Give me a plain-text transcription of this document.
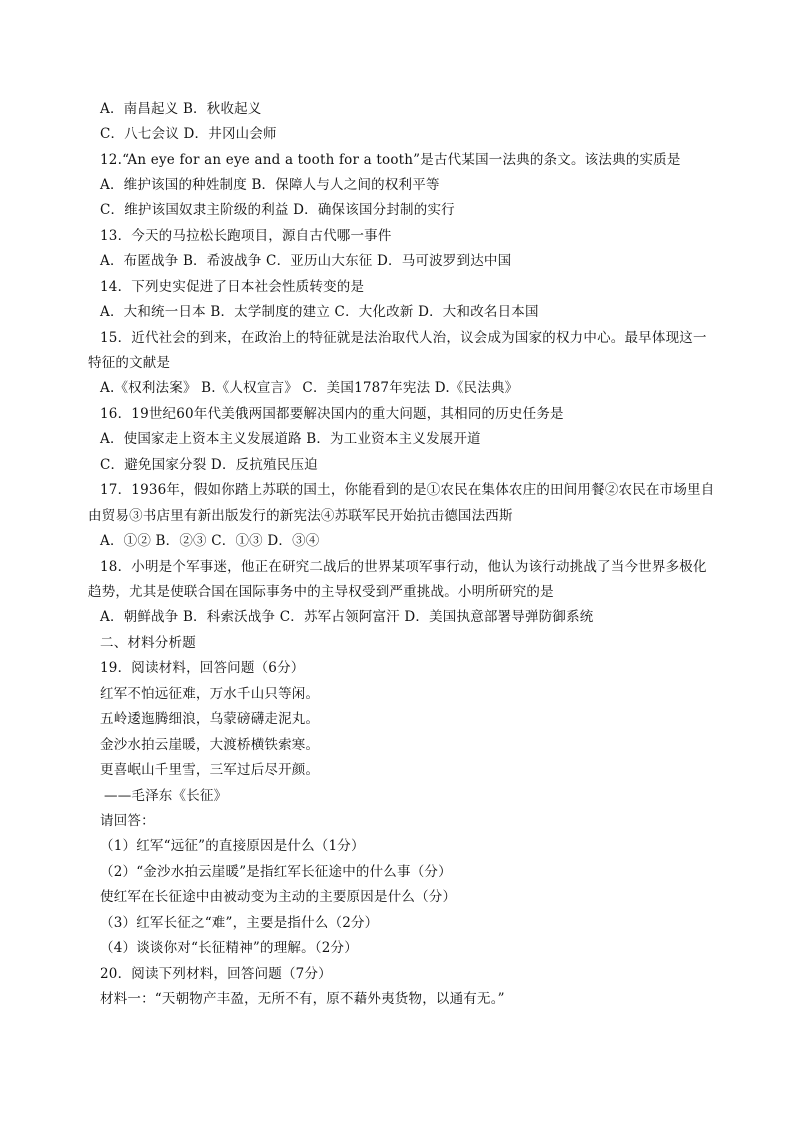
A．南昌起义 B．秋收起义
C．八七会议 D．井冈山会师
12.“An eye for an eye and a tooth for a tooth”是古代某国一法典的条文。该法典的实质是
A．维护该国的种姓制度 B．保障人与人之间的权利平等
C．维护该国奴隶主阶级的利益 D．确保该国分封制的实行
13．今天的马拉松长跑项目，源自古代哪一事件
A．布匿战争 B．希波战争 C．亚历山大东征 D．马可波罗到达中国
14．下列史实促进了日本社会性质转变的是
A．大和统一日本 B．太学制度的建立 C．大化改新 D．大和改名日本国
15．近代社会的到来，在政治上的特征就是法治取代人治，议会成为国家的权力中心。最早体现这一
特征的文献是
A.《权利法案》 B.《人权宣言》 C．美国1787年宪法 D.《民法典》
16．19世纪60年代美俄两国都要解决国内的重大问题，其相同的历史任务是
A．使国家走上资本主义发展道路 B．为工业资本主义发展开道
C．避免国家分裂 D．反抗殖民压迫
17．1936年，假如你踏上苏联的国土，你能看到的是①农民在集体农庄的田间用餐②农民在市场里自
由贸易③书店里有新出版发行的新宪法④苏联军民开始抗击德国法西斯
A．①② B．②③ C．①③ D．③④
18．小明是个军事迷，他正在研究二战后的世界某项军事行动，他认为该行动挑战了当今世界多极化
趋势，尤其是使联合国在国际事务中的主导权受到严重挑战。小明所研究的是
A．朝鲜战争 B．科索沃战争 C．苏军占领阿富汗 D．美国执意部署导弹防御系统
二、材料分析题
19．阅读材料，回答问题（6分）
红军不怕远征难，万水千山只等闲。
五岭逶迤腾细浪，乌蒙磅礴走泥丸。
金沙水拍云崖暖，大渡桥横铁索寒。
更喜岷山千里雪，三军过后尽开颜。
——毛泽东《长征》
请回答：
（1）红军“远征”的直接原因是什么（1分）
（2）“金沙水拍云崖暖”是指红军长征途中的什么事（分）
使红军在长征途中由被动变为主动的主要原因是什么（分）
（3）红军长征之“难”，主要是指什么（2分）
（4）谈谈你对“长征精神”的理解。（2分）
20．阅读下列材料，回答问题（7分）
材料一：“天朝物产丰盈，无所不有，原不藉外夷货物，以通有无。”
